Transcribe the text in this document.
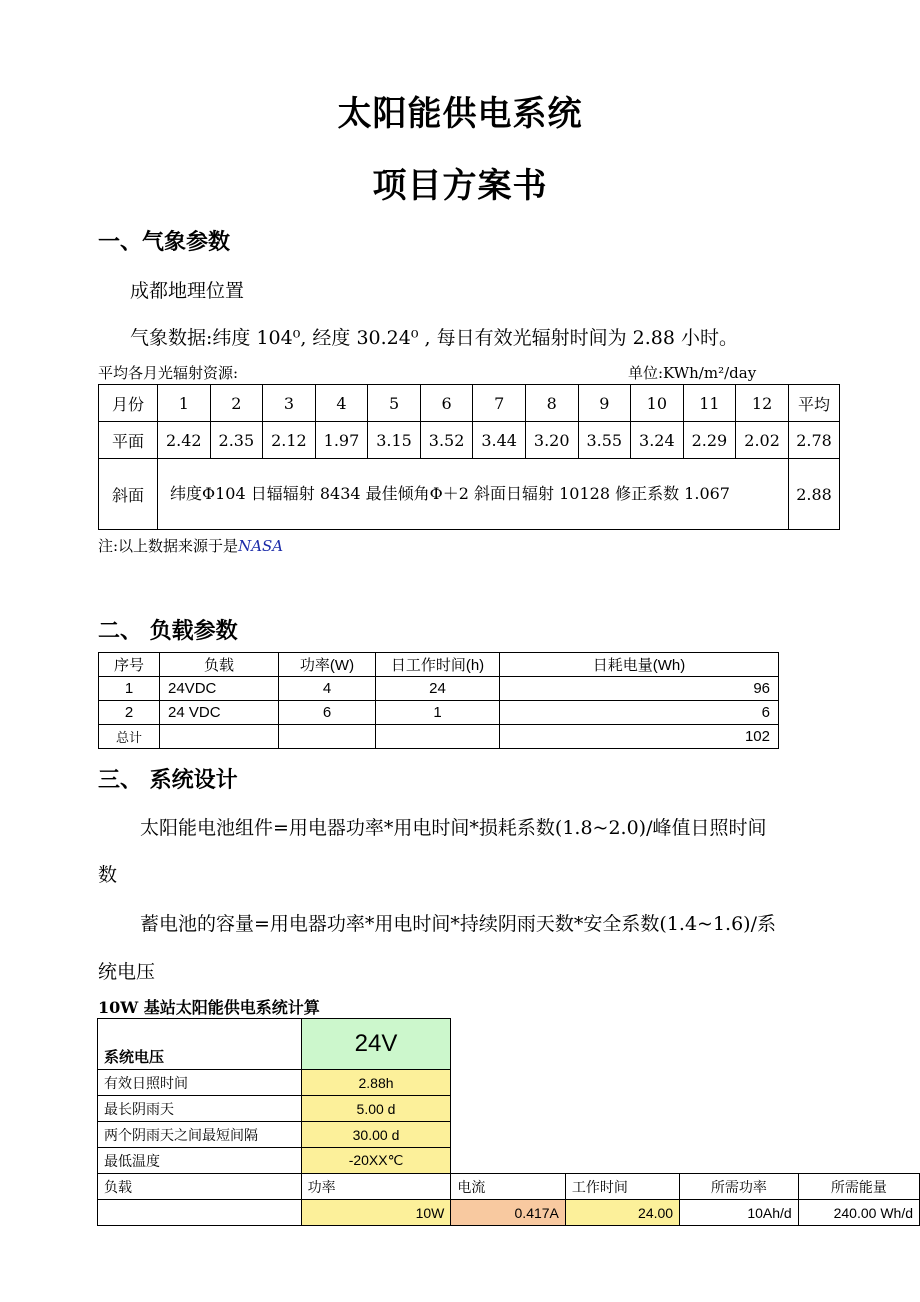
太阳能供电系统
项目方案书
一、气象参数
成都地理位置
气象数据:纬度 104⁰, 经度 30.24⁰ , 每日有效光辐射时间为 2.88 小时。
平均各月光辐射资源:	单位:KWh/m²/day
月份	1	2	3	4	5	6	7	8	9	10	11	12	平均
平面	2.42	2.35	2.12	1.97	3.15	3.52	3.44	3.20	3.55	3.24	2.29	2.02	2.78
斜面	纬度Φ104 日辐辐射 8434 最佳倾角Φ＋2 斜面日辐射 10128 修正系数 1.067												2.88
注:以上数据来源于是NASA
二、 负载参数
序号	负载	功率(W)	日工作时间(h)	日耗电量(Wh)
1	24VDC	4	24	96
2	24 VDC	6	1	6
总计				102
三、 系统设计
太阳能电池组件=用电器功率*用电时间*损耗系数(1.8~2.0)/峰值日照时间
数
蓄电池的容量=用电器功率*用电时间*持续阴雨天数*安全系数(1.4~1.6)/系
统电压
10W 基站太阳能供电系统计算
系统电压	24V				
有效日照时间	2.88h				
最长阴雨天	5.00 d				
两个阴雨天之间最短间隔	30.00 d				
最低温度	-20XX℃				
负载	功率	电流	工作时间	所需功率	所需能量
	10W	0.417A	24.00	10Ah/d	240.00 Wh/d
